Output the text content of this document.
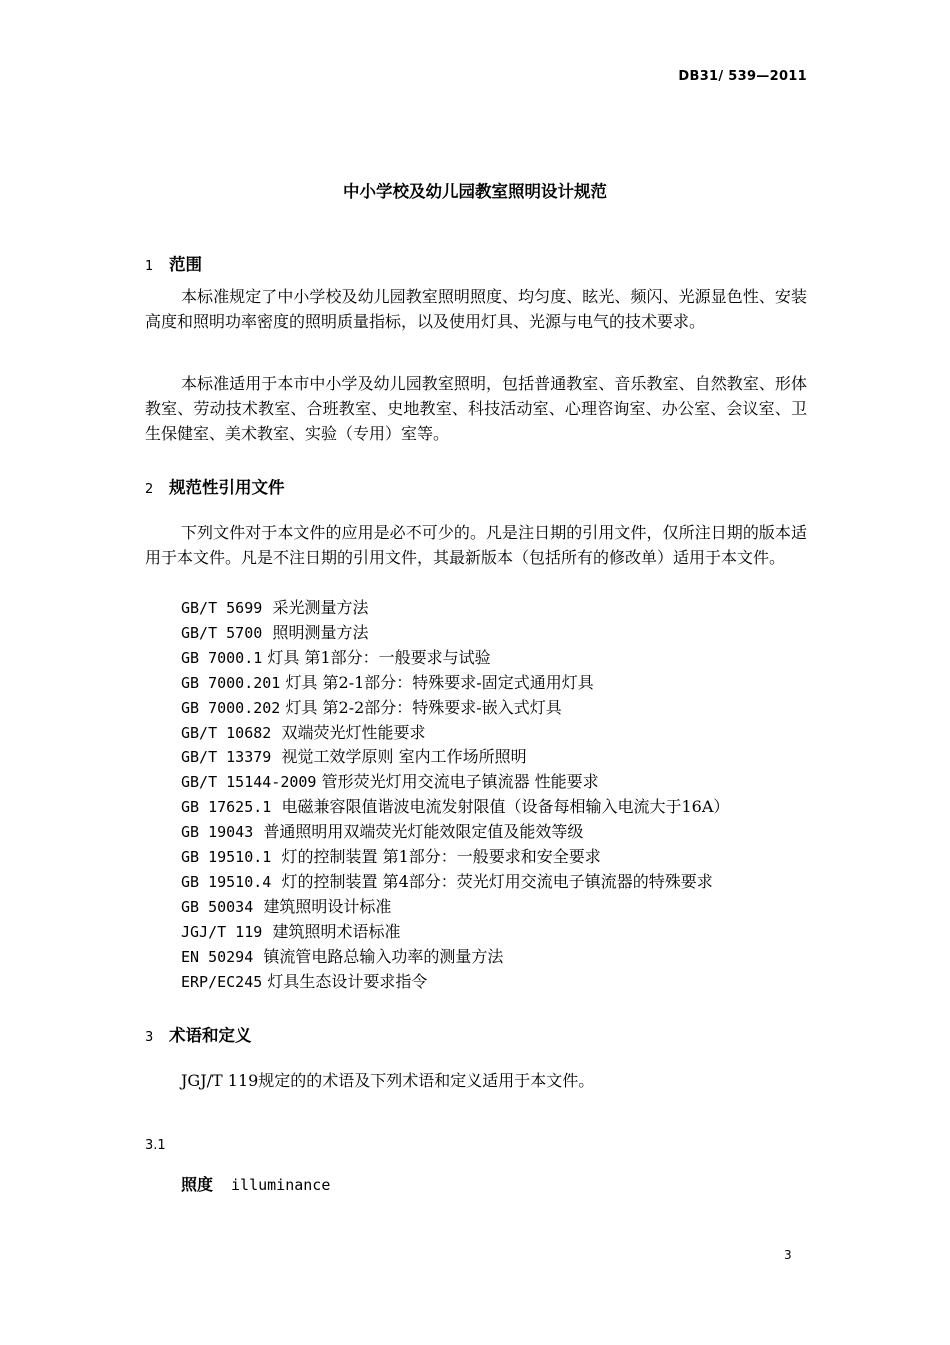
DB31/ 539—2011
中小学校及幼儿园教室照明设计规范
1 范围

本标准规定了中小学校及幼儿园教室照明照度、均匀度、眩光、频闪、光源显色性、安装高度和照明功率密度的照明质量指标，以及使用灯具、光源与电气的技术要求。

本标准适用于本市中小学及幼儿园教室照明，包括普通教室、音乐教室、自然教室、形体教室、劳动技术教室、合班教室、史地教室、科技活动室、心理咨询室、办公室、会议室、卫生保健室、美术教室、实验（专用）室等。

2 规范性引用文件

下列文件对于本文件的应用是必不可少的。凡是注日期的引用文件，仅所注日期的版本适用于本文件。凡是不注日期的引用文件，其最新版本（包括所有的修改单）适用于本文件。

GB/T 5699 采光测量方法
GB/T 5700 照明测量方法
GB 7000.1 灯具 第1部分：一般要求与试验
GB 7000.201 灯具 第2-1部分：特殊要求-固定式通用灯具
GB 7000.202 灯具 第2-2部分：特殊要求-嵌入式灯具
GB/T 10682 双端荧光灯性能要求
GB/T 13379 视觉工效学原则 室内工作场所照明
GB/T 15144-2009 管形荧光灯用交流电子镇流器 性能要求
GB 17625.1 电磁兼容限值谐波电流发射限值（设备每相输入电流大于16A）
GB 19043 普通照明用双端荧光灯能效限定值及能效等级
GB 19510.1 灯的控制装置 第1部分：一般要求和安全要求
GB 19510.4 灯的控制装置 第4部分：荧光灯用交流电子镇流器的特殊要求
GB 50034 建筑照明设计标准
JGJ/T 119 建筑照明术语标准
EN 50294 镇流管电路总输入功率的测量方法
ERP/EC245 灯具生态设计要求指令
3 术语和定义

JGJ/T 119规定的的术语及下列术语和定义适用于本文件。

3.1
照度 illuminance
3
